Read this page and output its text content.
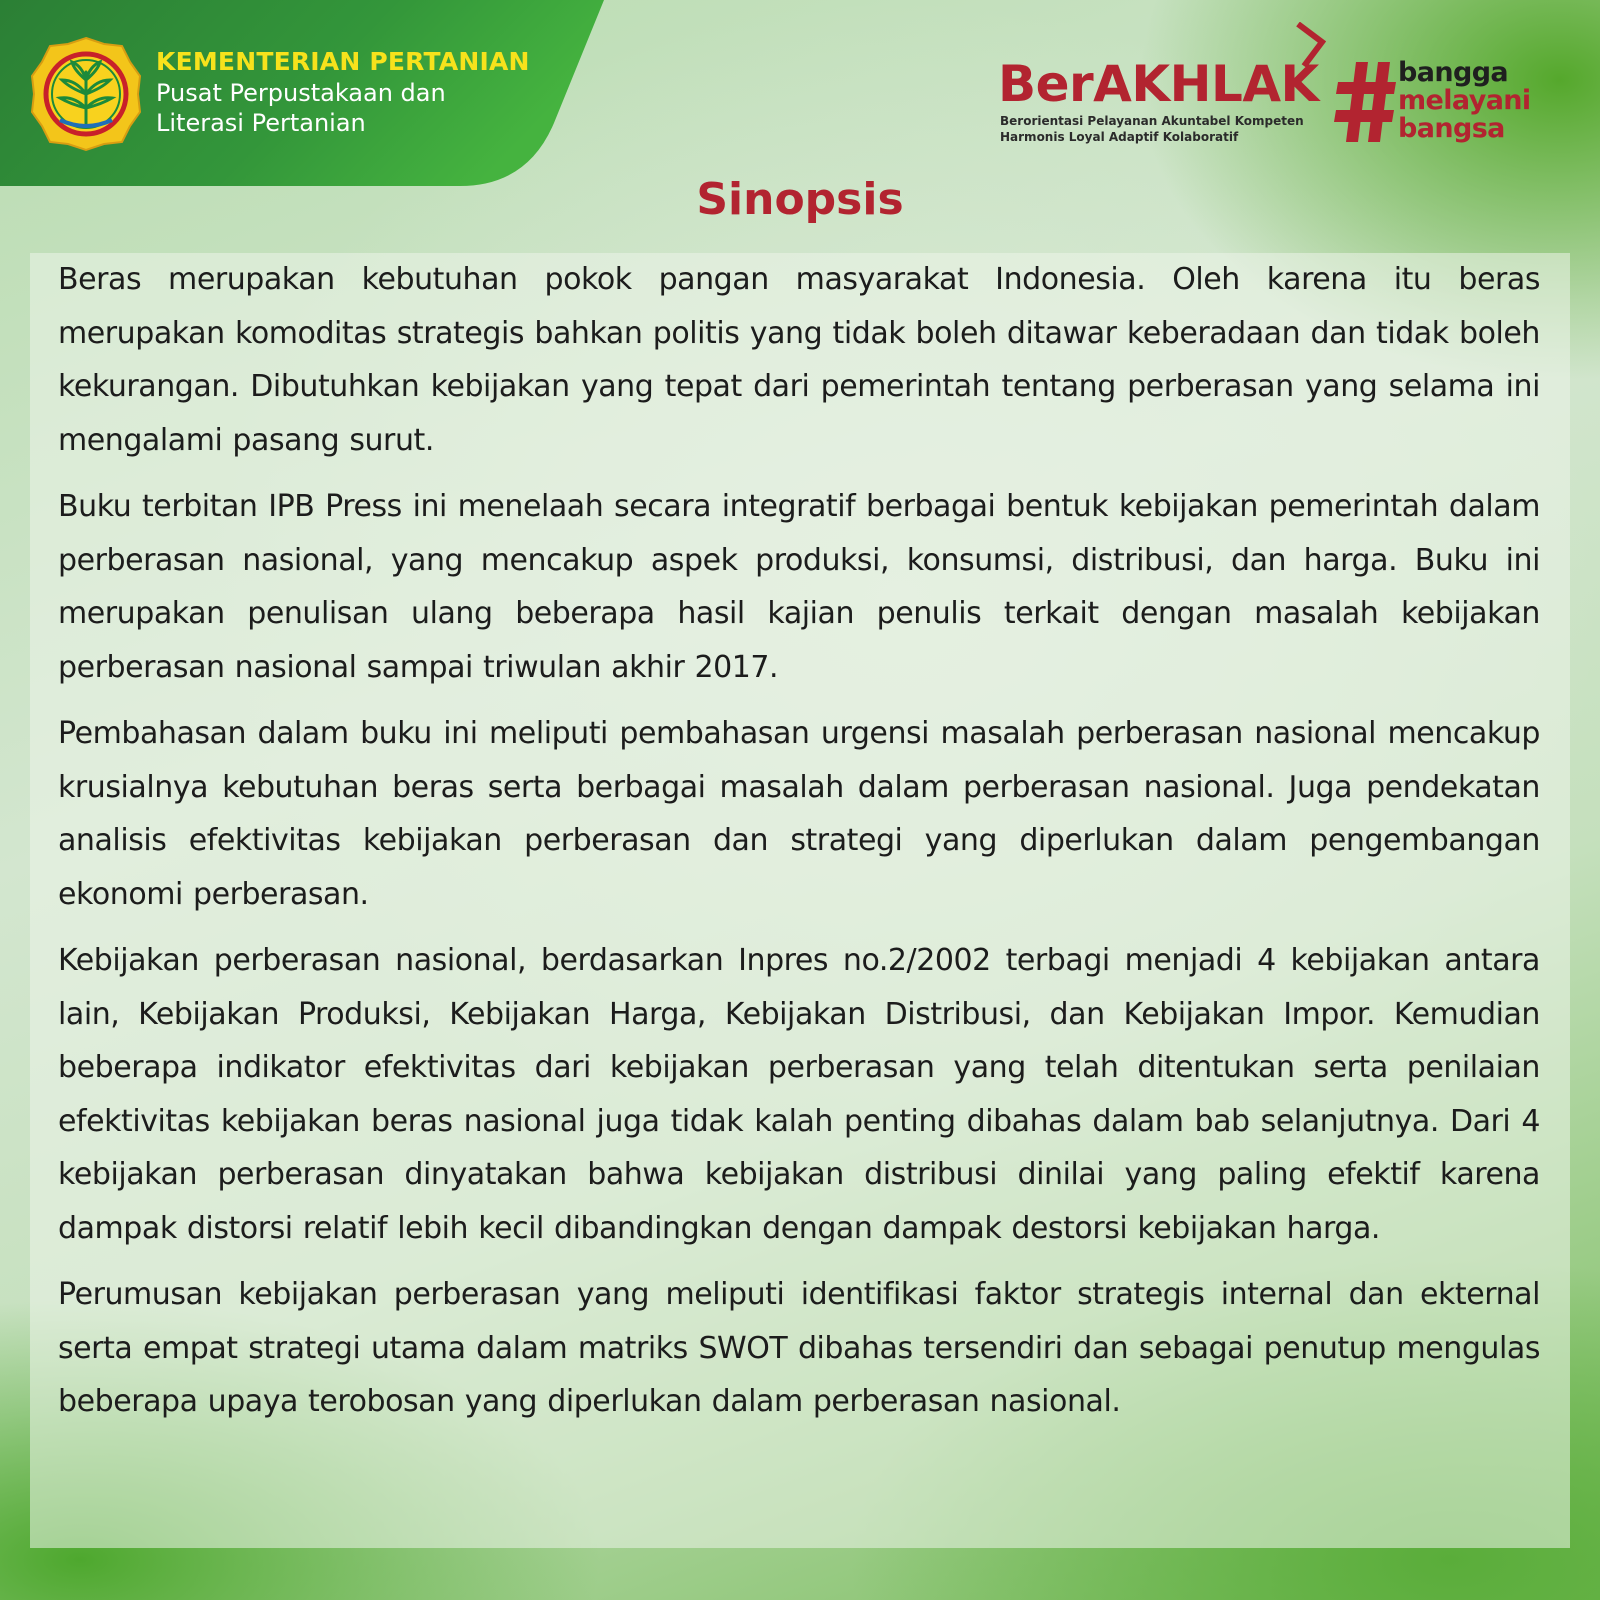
KEMENTERIAN PERTANIAN
Pusat Perpustakaan dan
Literasi Pertanian
BerAKHLAK
Berorientasi Pelayanan Akuntabel Kompeten
Harmonis Loyal Adaptif Kolaboratif
bangga
melayani
bangsa
Sinopsis

Beras merupakan kebutuhan pokok pangan masyarakat Indonesia. Oleh karena itu beras merupakan komoditas strategis bahkan politis yang tidak boleh ditawar keberadaan dan tidak boleh kekurangan. Dibutuhkan kebijakan yang tepat dari pemerintah tentang perberasan yang selama ini mengalami pasang surut.

Buku terbitan IPB Press ini menelaah secara integratif berbagai bentuk kebijakan pemerintah dalam perberasan nasional, yang mencakup aspek produksi, konsumsi, distribusi, dan harga. Buku ini merupakan penulisan ulang beberapa hasil kajian penulis terkait dengan masalah kebijakan perberasan nasional sampai triwulan akhir 2017.

Pembahasan dalam buku ini meliputi pembahasan urgensi masalah perberasan nasional mencakup krusialnya kebutuhan beras serta berbagai masalah dalam perberasan nasional. Juga pendekatan analisis efektivitas kebijakan perberasan dan strategi yang diperlukan dalam pengembangan ekonomi perberasan.

Kebijakan perberasan nasional, berdasarkan Inpres no.2/2002 terbagi menjadi 4 kebijakan antara lain, Kebijakan Produksi, Kebijakan Harga, Kebijakan Distribusi, dan Kebijakan Impor. Kemudian beberapa indikator efektivitas dari kebijakan perberasan yang telah ditentukan serta penilaian efektivitas kebijakan beras nasional juga tidak kalah penting dibahas dalam bab selanjutnya. Dari 4 kebijakan perberasan dinyatakan bahwa kebijakan distribusi dinilai yang paling efektif karena dampak distorsi relatif lebih kecil dibandingkan dengan dampak destorsi kebijakan harga.

Perumusan kebijakan perberasan yang meliputi identifikasi faktor strategis internal dan ekternal serta empat strategi utama dalam matriks SWOT dibahas tersendiri dan sebagai penutup mengulas beberapa upaya terobosan yang diperlukan dalam perberasan nasional.
